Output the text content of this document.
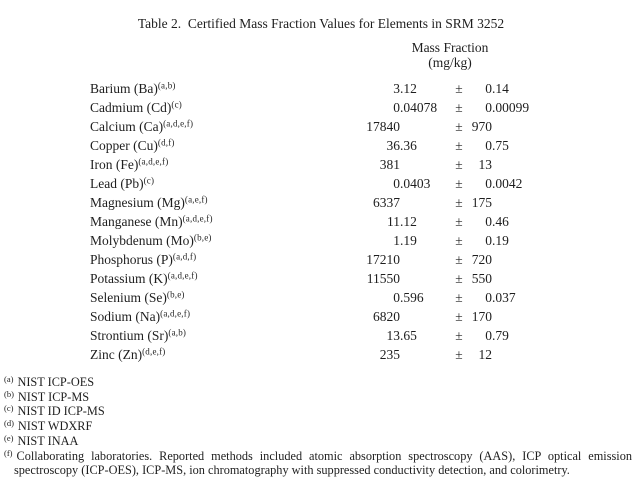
Table 2.  Certified Mass Fraction Values for Elements in SRM 3252
Mass Fraction
(mg/kg)
Barium (Ba)$^{(a,b)}$	3 .12	±	0 .14
Cadmium (Cd)$^{(c)}$	0 .04078	±	0 .00099
Calcium (Ca)$^{(a,d,e,f)}$	17840	± 970
Copper (Cu)$^{(d,f)}$	36 .36	±	0 .75
Iron (Fe)$^{(a,d,e,f)}$	381	±	13
Lead (Pb)$^{(c)}$	0 .0403	±	0 .0042
Magnesium (Mg)$^{(a,e,f)}$	6337	± 175
Manganese (Mn)$^{(a,d,e,f)}$	11 .12	±	0 .46
Molybdenum (Mo)$^{(b,e)}$	1 .19	±	0 .19
Phosphorus (P)$^{(a,d,f)}$	17210	± 720
Potassium (K)$^{(a,d,e,f)}$	11550	± 550
Selenium (Se)$^{(b,e)}$	0 .596	±	0 .037
Sodium (Na)$^{(a,d,e,f)}$	6820	± 170
Strontium (Sr)$^{(a,b)}$	13 .65	±	0 .79
Zinc (Zn)$^{(d,e,f)}$	235	±	12
$^{(a)}$ NIST ICP-OES
$^{(b)}$ NIST ICP-MS
$^{(c)}$ NIST ID ICP-MS
$^{(d)}$ NIST WDXRF
$^{(e)}$ NIST INAA
$^{(f)}$ Collaborating laboratories. Reported methods included atomic absorption spectroscopy (AAS), ICP optical emission spectroscopy (ICP-OES), ICP-MS, ion chromatography with suppressed conductivity detection, and colorimetry.
